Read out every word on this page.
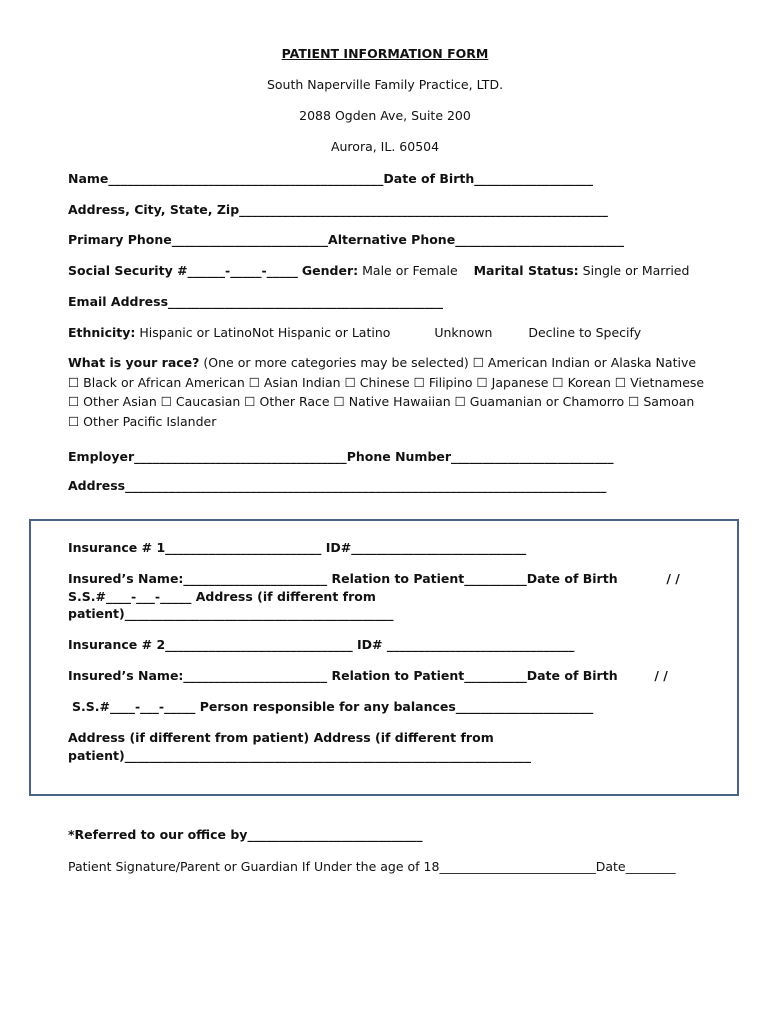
PATIENT INFORMATION FORM
South Naperville Family Practice, LTD.
2088 Ogden Ave, Suite 200
Aurora, IL. 60504
Name____________________________________________Date of Birth___________________
Address, City, State, Zip___________________________________________________________
Primary Phone_________________________Alternative Phone___________________________
Social Security #______-_____-_____ Gender: Male or Female Marital Status: Single or Married
Email Address____________________________________________
Ethnicity: Hispanic or LatinoNot Hispanic or Latino	Unknown	Decline to Specify
What is your race? (One or more categories may be selected) ☐ American Indian or Alaska Native ☐ Black or African American ☐ Asian Indian ☐ Chinese ☐ Filipino ☐ Japanese ☐ Korean ☐ Vietnamese ☐ Other Asian ☐ Caucasian ☐ Other Race ☐ Native Hawaiian ☐ Guamanian or Chamorro ☐ Samoan ☐ Other Pacific Islander
Employer__________________________________Phone Number__________________________
Address_____________________________________________________________________________
Insurance # 1_________________________ ID#____________________________
Insured’s Name:_______________________ Relation to Patient__________Date of Birth	/ /
S.S.#____-___-_____ Address (if different from
patient)___________________________________________
Insurance # 2______________________________ ID# ______________________________
Insured’s Name:_______________________ Relation to Patient__________Date of Birth	/ /
S.S.#____-___-_____ Person responsible for any balances______________________
Address (if different from patient) Address (if different from
patient)_________________________________________________________________
*Referred to our office by____________________________
Patient Signature/Parent or Guardian If Under the age of 18_________________________Date________
